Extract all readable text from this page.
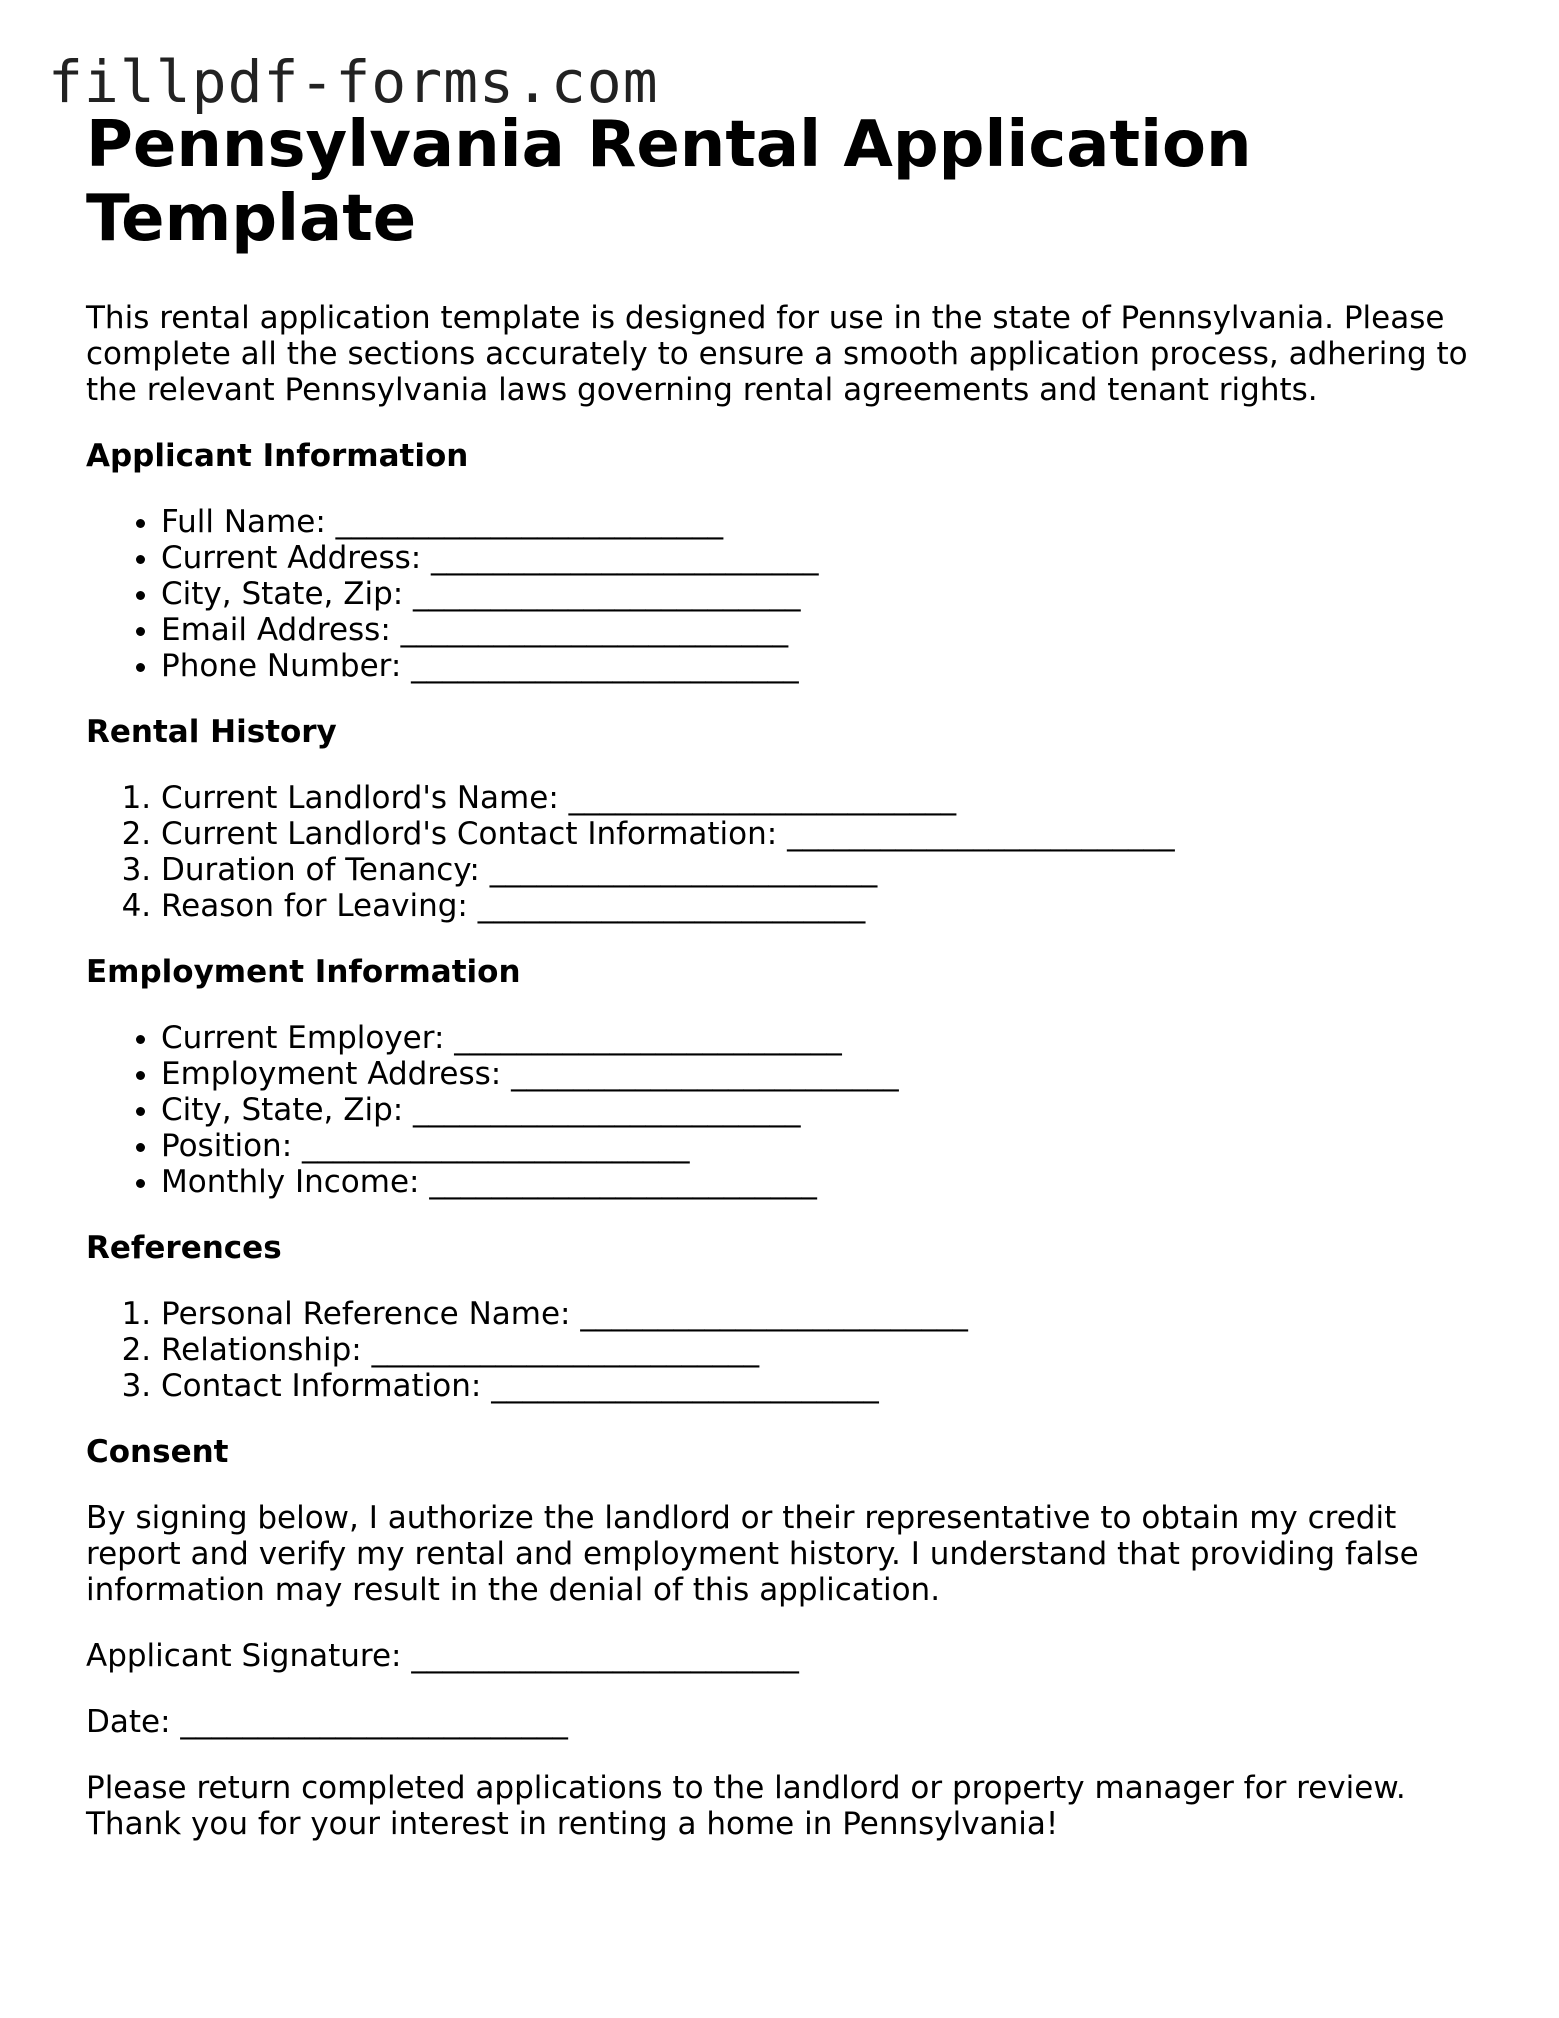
fillpdf-forms.com
Pennsylvania Rental Application Template

This rental application template is designed for use in the state of Pennsylvania. Please complete all the sections accurately to ensure a smooth application process, adhering to the relevant Pennsylvania laws governing rental agreements and tenant rights.

Applicant Information
• Full Name: _________________________
• Current Address: _________________________
• City, State, Zip: _________________________
• Email Address: _________________________
• Phone Number: _________________________
Rental History
1. Current Landlord's Name: _________________________
2. Current Landlord's Contact Information: _________________________
3. Duration of Tenancy: _________________________
4. Reason for Leaving: _________________________
Employment Information
• Current Employer: _________________________
• Employment Address: _________________________
• City, State, Zip: _________________________
• Position: _________________________
• Monthly Income: _________________________
References
1. Personal Reference Name: _________________________
2. Relationship: _________________________
3. Contact Information: _________________________
Consent

By signing below, I authorize the landlord or their representative to obtain my credit report and verify my rental and employment history. I understand that providing false information may result in the denial of this application.

Applicant Signature: _________________________

Date: _________________________

Please return completed applications to the landlord or property manager for review. Thank you for your interest in renting a home in Pennsylvania!
